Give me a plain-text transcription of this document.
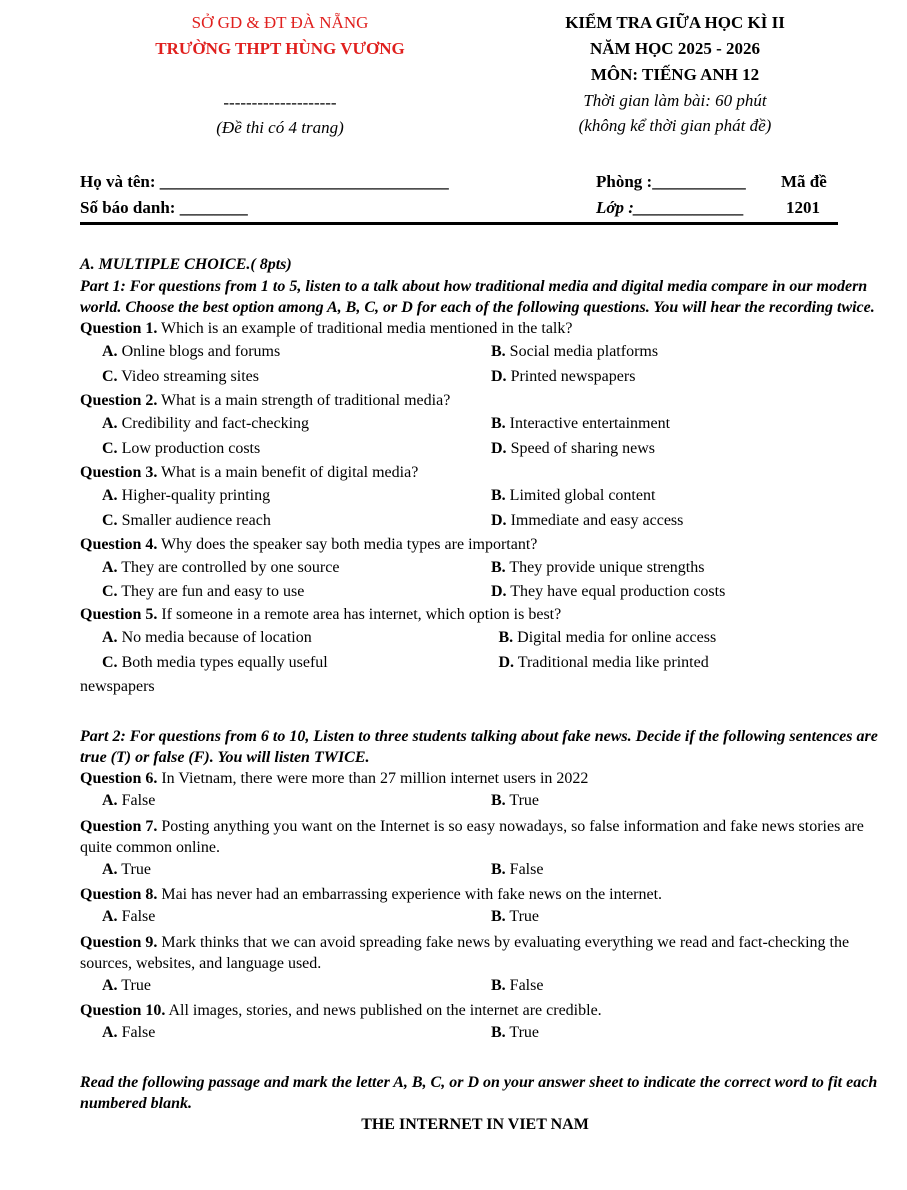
SỞ GD & ĐT ĐÀ NẴNG
TRƯỜNG THPT HÙNG VƯƠNG
--------------------
(Đề thi có 4 trang)
KIỂM TRA GIỮA HỌC KÌ II
NĂM HỌC 2025 - 2026
MÔN: TIẾNG ANH 12
Thời gian làm bài: 60 phút
(không kể thời gian phát đề)
Họ và tên: __________________________________
Số báo danh: ________
Phòng :___________
Lớp :_____________
Mã đề
1201

A. MULTIPLE CHOICE.( 8pts)

Part 1: For questions from 1 to 5, listen to a talk about how traditional media and digital media compare in our modern world. Choose the best option among A, B, C, or D for each of the following questions. You will hear the recording twice.

Question 1. Which is an example of traditional media mentioned in the talk?

A. Online blogs and forums	B. Social media platforms
C. Video streaming sites	D. Printed newspapers

Question 2. What is a main strength of traditional media?

A. Credibility and fact-checking	B. Interactive entertainment
C. Low production costs	D. Speed of sharing news

Question 3. What is a main benefit of digital media?

A. Higher-quality printing	B. Limited global content
C. Smaller audience reach	D. Immediate and easy access

Question 4. Why does the speaker say both media types are important?

A. They are controlled by one source	B. They provide unique strengths
C. They are fun and easy to use	D. They have equal production costs

Question 5. If someone in a remote area has internet, which option is best?

A. No media because of location	B. Digital media for online access
C. Both media types equally useful	D. Traditional media like printed

newspapers

Part 2: For questions from 6 to 10, Listen to three students talking about fake news. Decide if the following sentences are true (T) or false (F). You will listen TWICE.

Question 6. In Vietnam, there were more than 27 million internet users in 2022

A. False	B. True

Question 7. Posting anything you want on the Internet is so easy nowadays, so false information and fake news stories are quite common online.

A. True	B. False

Question 8. Mai has never had an embarrassing experience with fake news on the internet.

A. False	B. True

Question 9. Mark thinks that we can avoid spreading fake news by evaluating everything we read and fact-checking the sources, websites, and language used.

A. True	B. False

Question 10. All images, stories, and news published on the internet are credible.

A. False	B. True

Read the following passage and mark the letter A, B, C, or D on your answer sheet to indicate the correct word to fit each numbered blank.

THE INTERNET IN VIET NAM
